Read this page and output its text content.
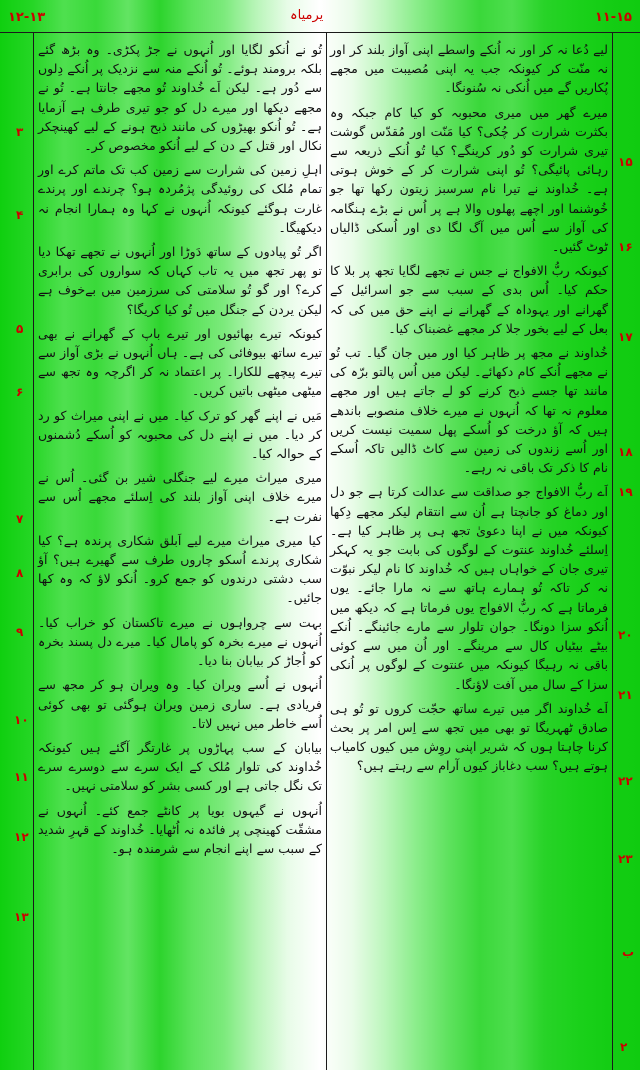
۱۲-۱۳	یرمیاہ	۱۱-۱۵

لیے دُعا نہ کر اور نہ اُنکے واسطے اپنی آواز بلند کر اور نہ منّت کر کیونکہ جب یہ اپنی مُصیبت میں مجھے پُکاریں گے میں اُنکی نہ سُنونگا۔

میرے گھر میں میری محبوبہ کو کیا کام جبکہ وہ بکثرت شرارت کر چُکی؟ کیا مَنّت اور مُقدّس گوشت تیری شرارت کو دُور کرینگے؟ کیا تُو اُنکے ذریعہ سے رہائی پائیگی؟ تُو اپنی شرارت کر کے خوش ہوتی ہے۔ خُداوند نے تیرا نام سرسبز زیتون رکھا تھا جو خُوشنما اور اچھے پھلوں والا ہے پر اُس نے بڑے ہنگامہ کی آواز سے اُس میں آگ لگا دی اور اُسکی ڈالیاں ٹوٹ گئیں۔

کیونکہ ربُّ الافواج نے جس نے تجھے لگایا تجھ پر بلا کا حکم کیا۔ اُس بدی کے سبب سے جو اسرائیل کے گھرانے اور یہوداہ کے گھرانے نے اپنے حق میں کی کہ بعل کے لیے بخور جلا کر مجھے غضبناک کیا۔

خُداوند نے مجھ پر ظاہر کیا اور میں جان گیا۔ تب تُو نے مجھے اُنکے کام دکھائے۔ لیکن میں اُس پالتو برّہ کی مانند تھا جسے ذبح کرنے کو لے جاتے ہیں اور مجھے معلوم نہ تھا کہ اُنہوں نے میرے خلاف منصوبے باندھے ہیں کہ آؤ درخت کو اُسکے پھل سمیت نیست کریں اور اُسے زندوں کی زمین سے کاٹ ڈالیں تاکہ اُسکے نام کا ذکر تک باقی نہ رہے۔

اَے ربُّ الافواج جو صداقت سے عدالت کرتا ہے جو دل اور دماغ کو جانچتا ہے اُن سے انتقام لیکر مجھے دِکھا کیونکہ میں نے اپنا دعویٰ تجھ ہی پر ظاہر کیا ہے۔ اِسلئے خُداوند عنتوت کے لوگوں کی بابت جو یہ کہکر تیری جان کے خواہاں ہیں کہ خُداوند کا نام لیکر نبوّت نہ کر تاکہ تُو ہمارے ہاتھ سے نہ مارا جائے۔ یوں فرماتا ہے کہ ربُّ الافواج یوں فرماتا ہے کہ دیکھ میں اُنکو سزا دونگا۔ جوان تلوار سے مارے جائینگے۔ اُنکے بیٹے بیٹیاں کال سے مرینگے۔ اور اُن میں سے کوئی باقی نہ رہیگا کیونکہ میں عنتوت کے لوگوں پر اُنکی سزا کے سال میں آفت لاؤنگا۔

اَے خُداوند اگر میں تیرے ساتھ حجّت کروں تو تُو ہی صادق ٹھہریگا تو بھی میں تجھ سے اِس امر پر بحث کرنا چاہتا ہوں کہ شریر اپنی روِش میں کیوں کامیاب ہوتے ہیں؟ سب دغاباز کیوں آرام سے رہتے ہیں؟

تُو نے اُنکو لگایا اور اُنہوں نے جڑ پکڑی۔ وہ بڑھ گئے بلکہ برومند ہوئے۔ تُو اُنکے منہ سے نزدیک پر اُنکے دِلوں سے دُور ہے۔ لیکن اَے خُداوند تُو مجھے جانتا ہے۔ تُو نے مجھے دیکھا اور میرے دل کو جو تیری طرف ہے آزمایا ہے۔ تُو اُنکو بھیڑوں کی مانند ذبح ہونے کے لیے کھینچکر نکال اور قتل کے دن کے لیے اُنکو مخصوص کر۔

اہلِ زمین کی شرارت سے زمین کب تک ماتم کرے اور تمام مُلک کی روئیدگی پژمُردہ ہو؟ چرندے اور پرندے غارت ہوگئے کیونکہ اُنہوں نے کہا وہ ہمارا انجام نہ دیکھیگا۔

اگر تُو پیادوں کے ساتھ دَوڑا اور اُنہوں نے تجھے تھکا دیا تو پھر تجھ میں یہ تاب کہاں کہ سواروں کی برابری کرے؟ اور گو تُو سلامتی کی سرزمین میں بےخوف ہے لیکن یردن کے جنگل میں تُو کیا کریگا؟

کیونکہ تیرے بھائیوں اور تیرے باپ کے گھرانے نے بھی تیرے ساتھ بیوفائی کی ہے۔ ہاں اُنہوں نے بڑی آواز سے تیرے پیچھے للکارا۔ پر اعتماد نہ کر اگرچہ وہ تجھ سے میٹھی میٹھی باتیں کریں۔

مَیں نے اپنے گھر کو ترک کیا۔ میں نے اپنی میراث کو رد کر دیا۔ میں نے اپنے دل کی محبوبہ کو اُسکے دُشمنوں کے حوالہ کیا۔

میری میراث میرے لیے جنگلی شیر بن گئی۔ اُس نے میرے خلاف اپنی آواز بلند کی اِسلئے مجھے اُس سے نفرت ہے۔

کیا میری میراث میرے لیے اَبلق شکاری پرندہ ہے؟ کیا شکاری پرندے اُسکو چاروں طرف سے گھیرے ہیں؟ آؤ سب دشتی درندوں کو جمع کرو۔ اُنکو لاؤ کہ وہ کھا جائیں۔

بہت سے چرواہوں نے میرے تاکستان کو خراب کیا۔ اُنہوں نے میرے بخرہ کو پامال کیا۔ میرے دل پسند بخرہ کو اُجاڑ کر بیابان بنا دیا۔

اُنہوں نے اُسے ویران کیا۔ وہ ویران ہو کر مجھ سے فریادی ہے۔ ساری زمین ویران ہوگئی تو بھی کوئی اُسے خاطر میں نہیں لاتا۔

بیابان کے سب پہاڑوں پر غارتگر آگئے ہیں کیونکہ خُداوند کی تلوار مُلک کے ایک سرے سے دوسرے سرے تک نگل جاتی ہے اور کسی بشر کو سلامتی نہیں۔

اُنہوں نے گیہوں بویا پر کانٹے جمع کئے۔ اُنہوں نے مشقّت کھینچی پر فائدہ نہ اُٹھایا۔ خُداوند کے قہرِ شدید کے سبب سے اپنے انجام سے شرمندہ ہو۔

۱۵
۱۶
۱۷
۱۸
۱۹
۲۰
۲۱
۲۲
۲۳
ب
۲
۳
۴
۵
۶
۷
۸
۹
۱۰
۱۱
۱۲
۱۳
